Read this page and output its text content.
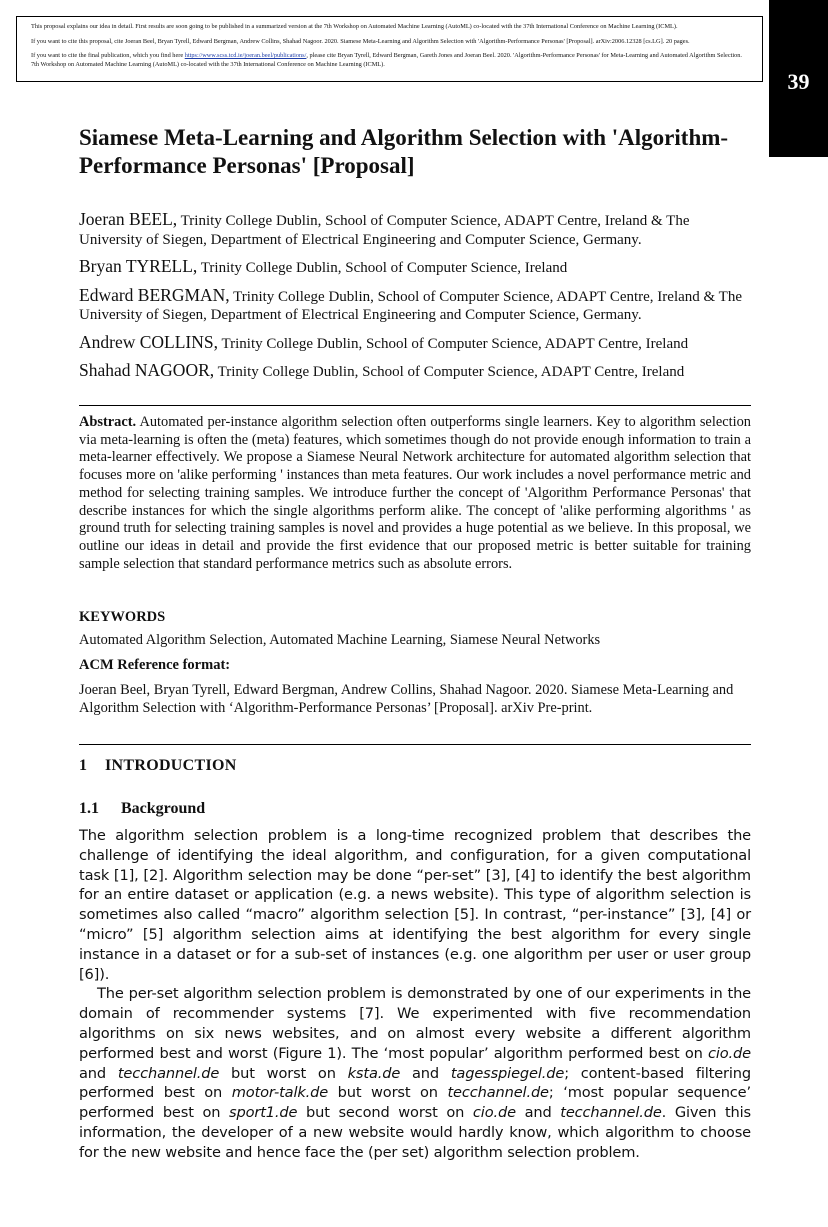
This proposal explains our idea in detail. First results are soon going to be published in a summarized version at the 7th Workshop on Automated Machine Learning (AutoML) co-located with the 37th International Conference on Machine Learning (ICML).

If you want to cite this proposal, cite Joeran Beel, Bryan Tyrell, Edward Bergman, Andrew Collins, Shahad Nagoor. 2020. Siamese Meta-Learning and Algorithm Selection with 'Algorithm-Performance Personas' [Proposal]. arXiv:2006.12328 [cs.LG]. 20 pages.

If you want to cite the final publication, which you find here https://www.scss.tcd.ie/joeran.beel/publications/, please cite Bryan Tyrell, Edward Bergman, Gareth Jones and Joeran Beel. 2020. 'Algorithm-Performance Personas' for Meta-Learning and Automated Algorithm Selection. 7th Workshop on Automated Machine Learning (AutoML) co-located with the 37th International Conference on Machine Learning (ICML).

39
Siamese Meta-Learning and Algorithm Selection with 'Algorithm-Performance Personas' [Proposal]

Joeran BEEL, Trinity College Dublin, School of Computer Science, ADAPT Centre, Ireland & The University of Siegen, Department of Electrical Engineering and Computer Science, Germany.

Bryan TYRELL, Trinity College Dublin, School of Computer Science, Ireland

Edward BERGMAN, Trinity College Dublin, School of Computer Science, ADAPT Centre, Ireland & The University of Siegen, Department of Electrical Engineering and Computer Science, Germany.

Andrew COLLINS, Trinity College Dublin, School of Computer Science, ADAPT Centre, Ireland

Shahad NAGOOR, Trinity College Dublin, School of Computer Science, ADAPT Centre, Ireland

Abstract. Automated per-instance algorithm selection often outperforms single learners. Key to algorithm selection via meta-learning is often the (meta) features, which sometimes though do not provide enough information to train a meta-learner effectively. We propose a Siamese Neural Network architecture for automated algorithm selection that focuses more on 'alike performing ' instances than meta features. Our work includes a novel performance metric and method for selecting training samples. We introduce further the concept of 'Algorithm Performance Personas' that describe instances for which the single algorithms perform alike. The concept of 'alike performing algorithms ' as ground truth for selecting training samples is novel and provides a huge potential as we believe. In this proposal, we outline our ideas in detail and provide the first evidence that our proposed metric is better suitable for training sample selection that standard performance metrics such as absolute errors.
KEYWORDS
Automated Algorithm Selection, Automated Machine Learning, Siamese Neural Networks
ACM Reference format:
Joeran Beel, Bryan Tyrell, Edward Bergman, Andrew Collins, Shahad Nagoor. 2020. Siamese Meta-Learning and Algorithm Selection with ‘Algorithm-Performance Personas’ [Proposal]. arXiv Pre-print.
1 INTRODUCTION
1.1 Background

The algorithm selection problem is a long-time recognized problem that describes the challenge of identifying the ideal algorithm, and configuration, for a given computational task [1], [2]. Algorithm selection may be done “per-set” [3], [4] to identify the best algorithm for an entire dataset or application (e.g. a news website). This type of algorithm selection is sometimes also called “macro” algorithm selection [5]. In contrast, “per-instance” [3], [4] or “micro” [5] algorithm selection aims at identifying the best algorithm for every single instance in a dataset or for a sub-set of instances (e.g. one algorithm per user or user group [6]).

The per-set algorithm selection problem is demonstrated by one of our experiments in the domain of recommender systems [7]. We experimented with five recommendation algorithms on six news websites, and on almost every website a different algorithm performed best and worst (Figure 1). The ‘most popular’ algorithm performed best on cio.de and tecchannel.de but worst on ksta.de and tagesspiegel.de; content-based filtering performed best on motor-talk.de but worst on tecchannel.de; ‘most popular sequence’ performed best on sport1.de but second worst on cio.de and tecchannel.de. Given this information, the developer of a new website would hardly know, which algorithm to choose for the new website and hence face the (per set) algorithm selection problem.
